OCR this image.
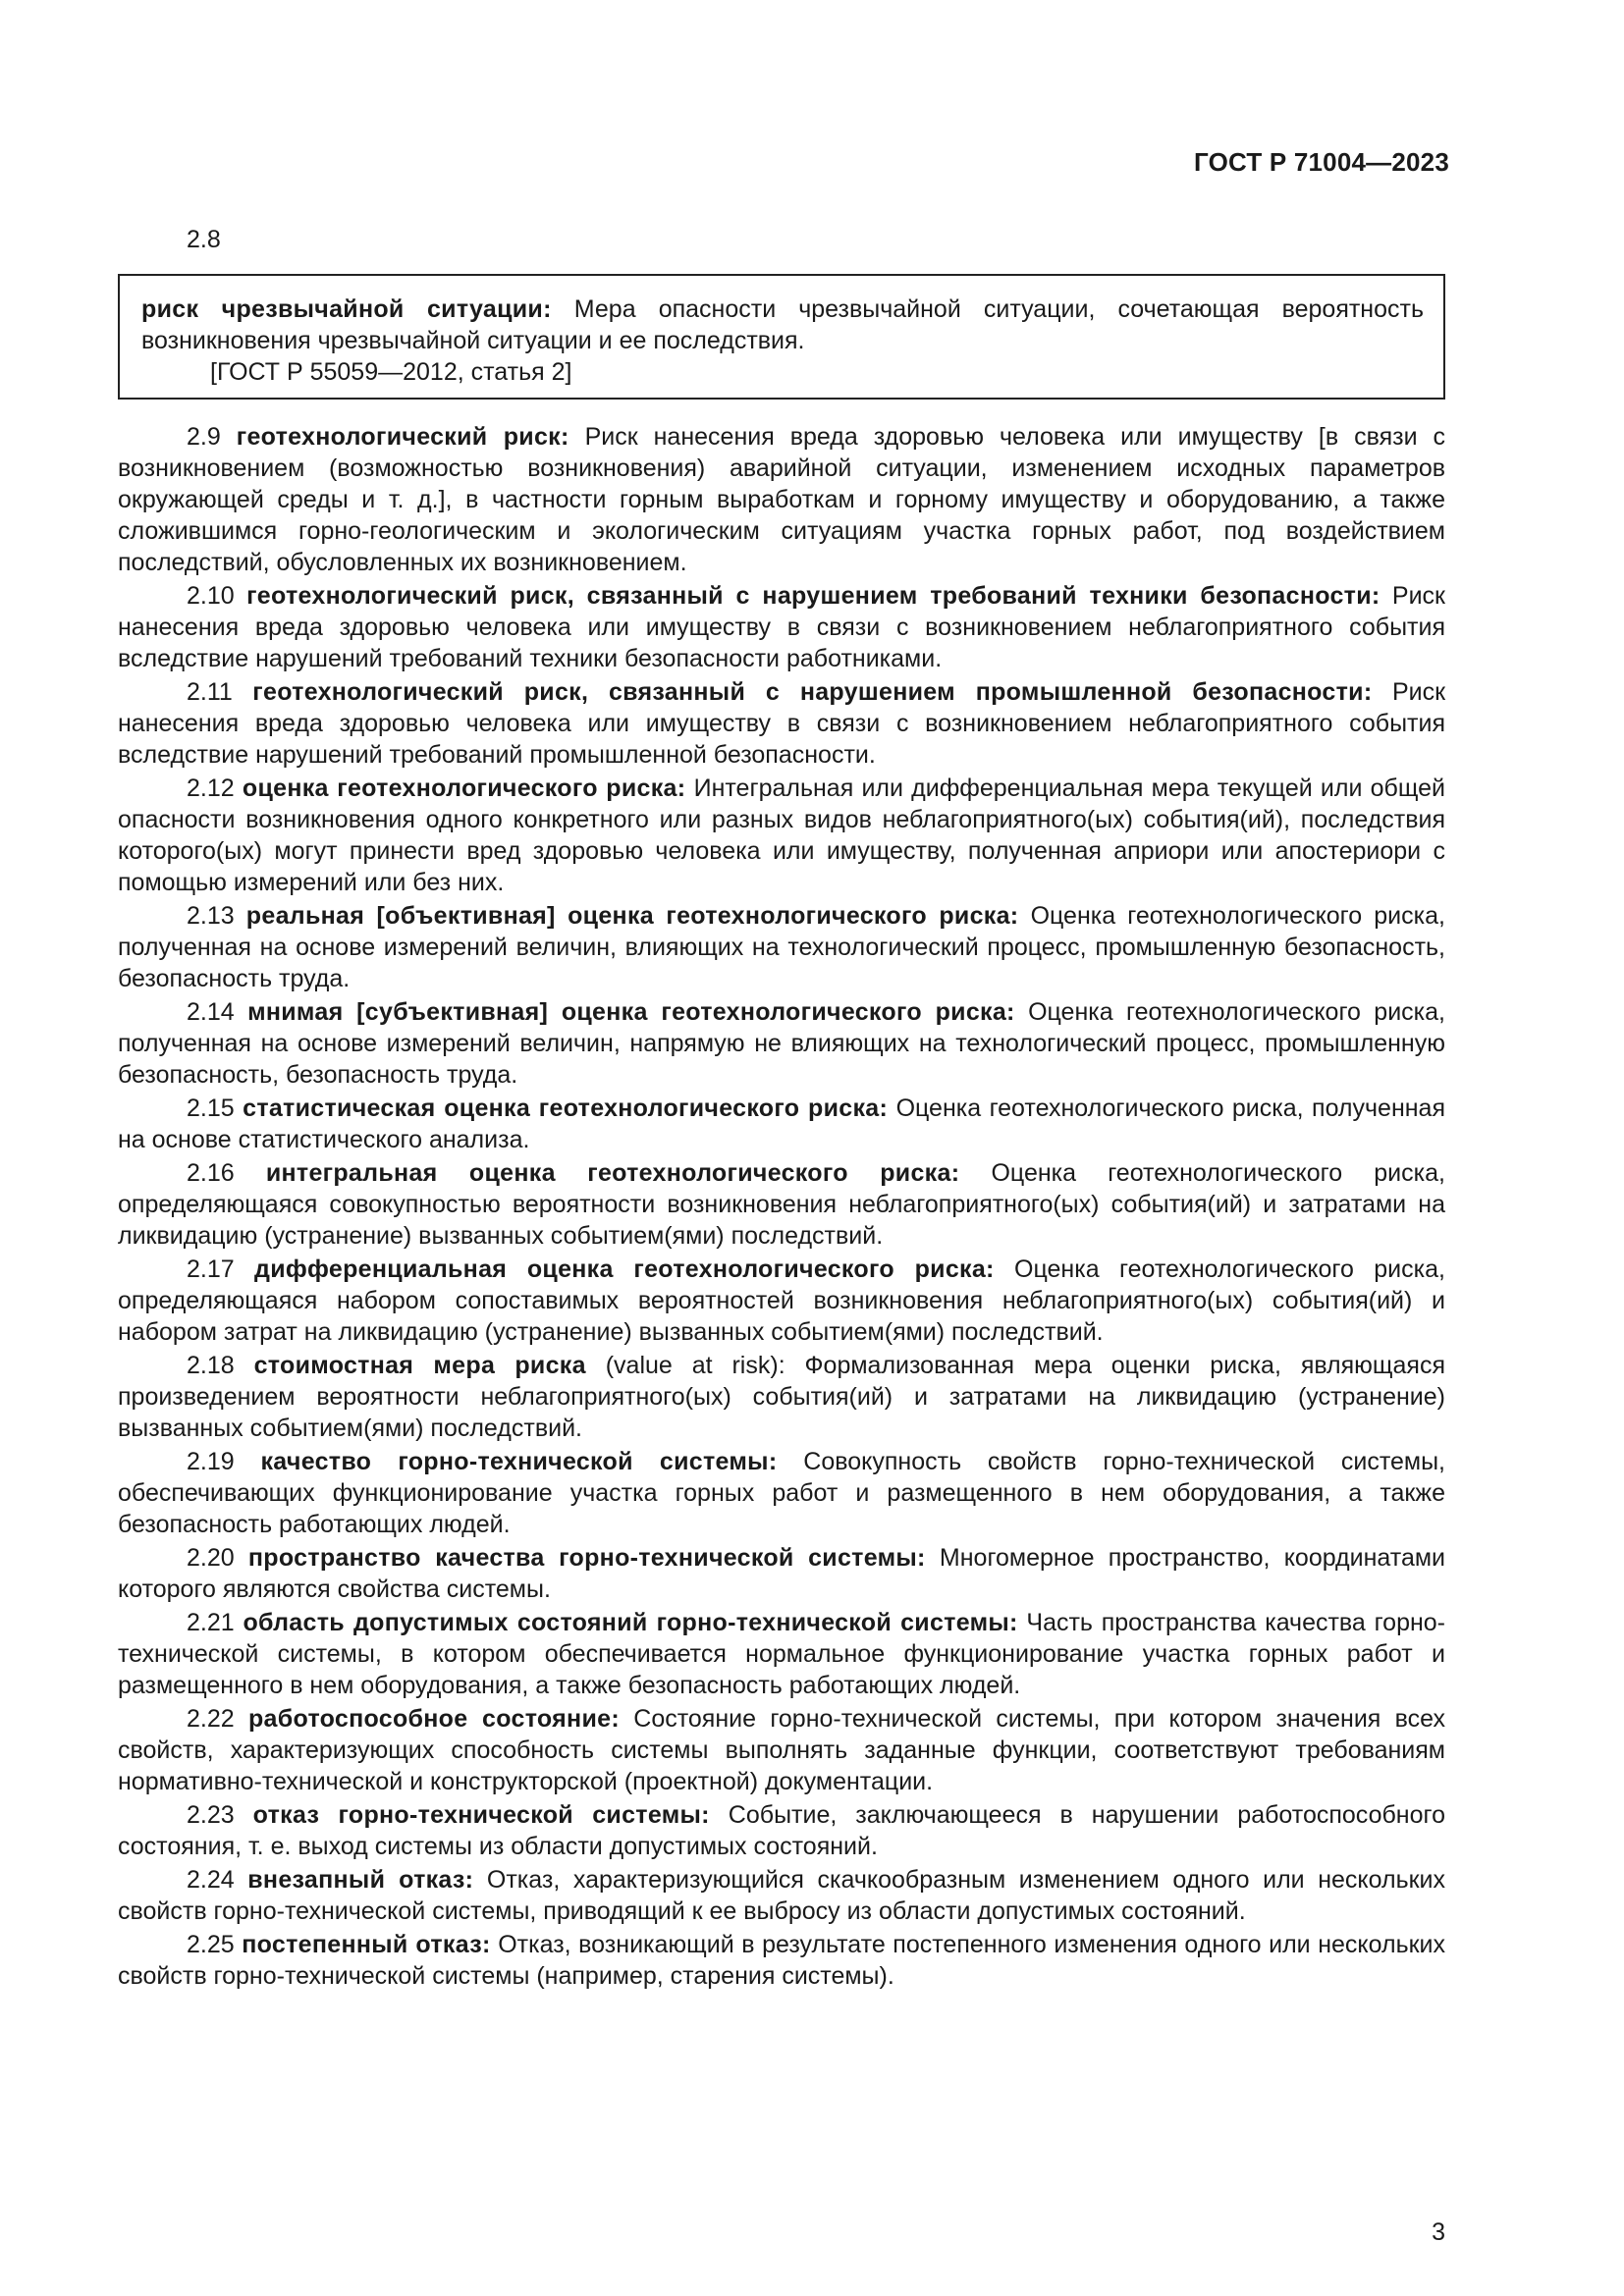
ГОСТ Р 71004—2023
2.8
риск чрезвычайной ситуации: Мера опасности чрезвычайной ситуации, сочетающая вероятность возникновения чрезвычайной ситуации и ее последствия.
[ГОСТ Р 55059—2012, статья 2]

2.9 геотехнологический риск: Риск нанесения вреда здоровью человека или имуществу [в связи с возникновением (возможностью возникновения) аварийной ситуации, изменением исходных параметров окружающей среды и т. д.], в частности горным выработкам и горному имуществу и оборудованию, а также сложившимся горно-геологическим и экологическим ситуациям участка горных работ, под воздействием последствий, обусловленных их возникновением.

2.10 геотехнологический риск, связанный с нарушением требований техники безопасности: Риск нанесения вреда здоровью человека или имуществу в связи с возникновением неблагоприятного события вследствие нарушений требований техники безопасности работниками.

2.11 геотехнологический риск, связанный с нарушением промышленной безопасности: Риск нанесения вреда здоровью человека или имуществу в связи с возникновением неблагоприятного события вследствие нарушений требований промышленной безопасности.

2.12 оценка геотехнологического риска: Интегральная или дифференциальная мера текущей или общей опасности возникновения одного конкретного или разных видов неблагоприятного(ых) события(ий), последствия которого(ых) могут принести вред здоровью человека или имуществу, полученная априори или апостериори с помощью измерений или без них.

2.13 реальная [объективная] оценка геотехнологического риска: Оценка геотехнологического риска, полученная на основе измерений величин, влияющих на технологический процесс, промышленную безопасность, безопасность труда.

2.14 мнимая [субъективная] оценка геотехнологического риска: Оценка геотехнологического риска, полученная на основе измерений величин, напрямую не влияющих на технологический процесс, промышленную безопасность, безопасность труда.

2.15 статистическая оценка геотехнологического риска: Оценка геотехнологического риска, полученная на основе статистического анализа.

2.16 интегральная оценка геотехнологического риска: Оценка геотехнологического риска, определяющаяся совокупностью вероятности возникновения неблагоприятного(ых) события(ий) и затратами на ликвидацию (устранение) вызванных событием(ями) последствий.

2.17 дифференциальная оценка геотехнологического риска: Оценка геотехнологического риска, определяющаяся набором сопоставимых вероятностей возникновения неблагоприятного(ых) события(ий) и набором затрат на ликвидацию (устранение) вызванных событием(ями) последствий.

2.18 стоимостная мера риска (value at risk): Формализованная мера оценки риска, являющаяся произведением вероятности неблагоприятного(ых) события(ий) и затратами на ликвидацию (устранение) вызванных событием(ями) последствий.

2.19 качество горно-технической системы: Совокупность свойств горно-технической системы, обеспечивающих функционирование участка горных работ и размещенного в нем оборудования, а также безопасность работающих людей.

2.20 пространство качества горно-технической системы: Многомерное пространство, координатами которого являются свойства системы.

2.21 область допустимых состояний горно-технической системы: Часть пространства качества горно-технической системы, в котором обеспечивается нормальное функционирование участка горных работ и размещенного в нем оборудования, а также безопасность работающих людей.

2.22 работоспособное состояние: Состояние горно-технической системы, при котором значения всех свойств, характеризующих способность системы выполнять заданные функции, соответствуют требованиям нормативно-технической и конструкторской (проектной) документации.

2.23 отказ горно-технической системы: Событие, заключающееся в нарушении работоспособного состояния, т. е. выход системы из области допустимых состояний.

2.24 внезапный отказ: Отказ, характеризующийся скачкообразным изменением одного или нескольких свойств горно-технической системы, приводящий к ее выбросу из области допустимых состояний.

2.25 постепенный отказ: Отказ, возникающий в результате постепенного изменения одного или нескольких свойств горно-технической системы (например, старения системы).

3
